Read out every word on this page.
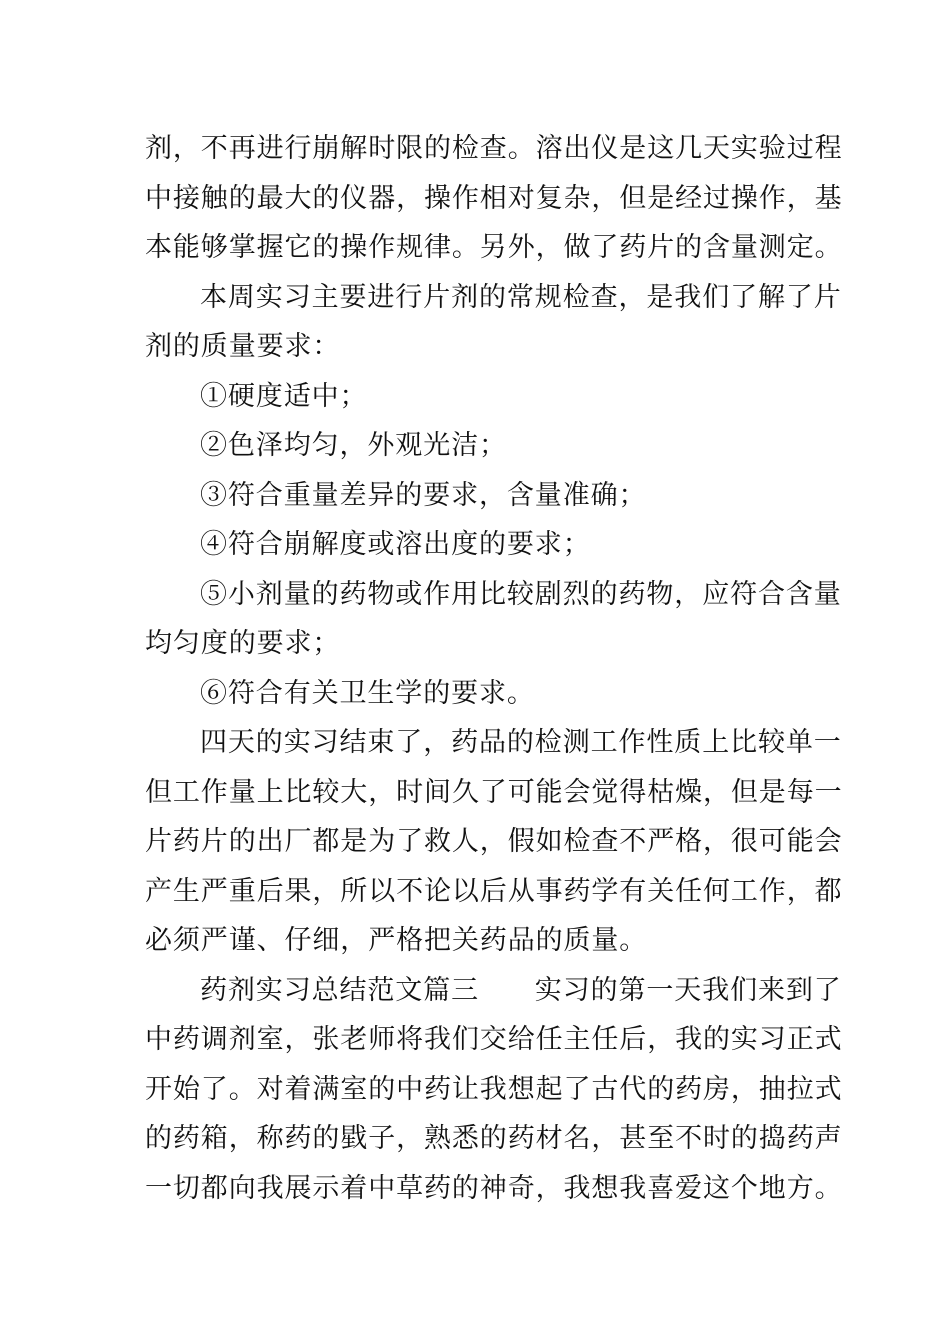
剂，不再进行崩解时限的检查。溶出仪是这几天实验过程
中接触的最大的仪器，操作相对复杂，但是经过操作，基
本能够掌握它的操作规律。另外，做了药片的含量测定。
本周实习主要进行片剂的常规检查，是我们了解了片
剂的质量要求：
①硬度适中；
②色泽均匀，外观光洁；
③符合重量差异的要求，含量准确；
④符合崩解度或溶出度的要求；
⑤小剂量的药物或作用比较剧烈的药物，应符合含量
均匀度的要求；
⑥符合有关卫生学的要求。
四天的实习结束了，药品的检测工作性质上比较单一
但工作量上比较大，时间久了可能会觉得枯燥，但是每一
片药片的出厂都是为了救人，假如检查不严格，很可能会
产生严重后果，所以不论以后从事药学有关任何工作，都
必须严谨、仔细，严格把关药品的质量。
药剂实习总结范文篇三　　实习的第一天我们来到了
中药调剂室，张老师将我们交给任主任后，我的实习正式
开始了。对着满室的中药让我想起了古代的药房，抽拉式
的药箱，称药的戥子，熟悉的药材名，甚至不时的捣药声
一切都向我展示着中草药的神奇，我想我喜爱这个地方。
